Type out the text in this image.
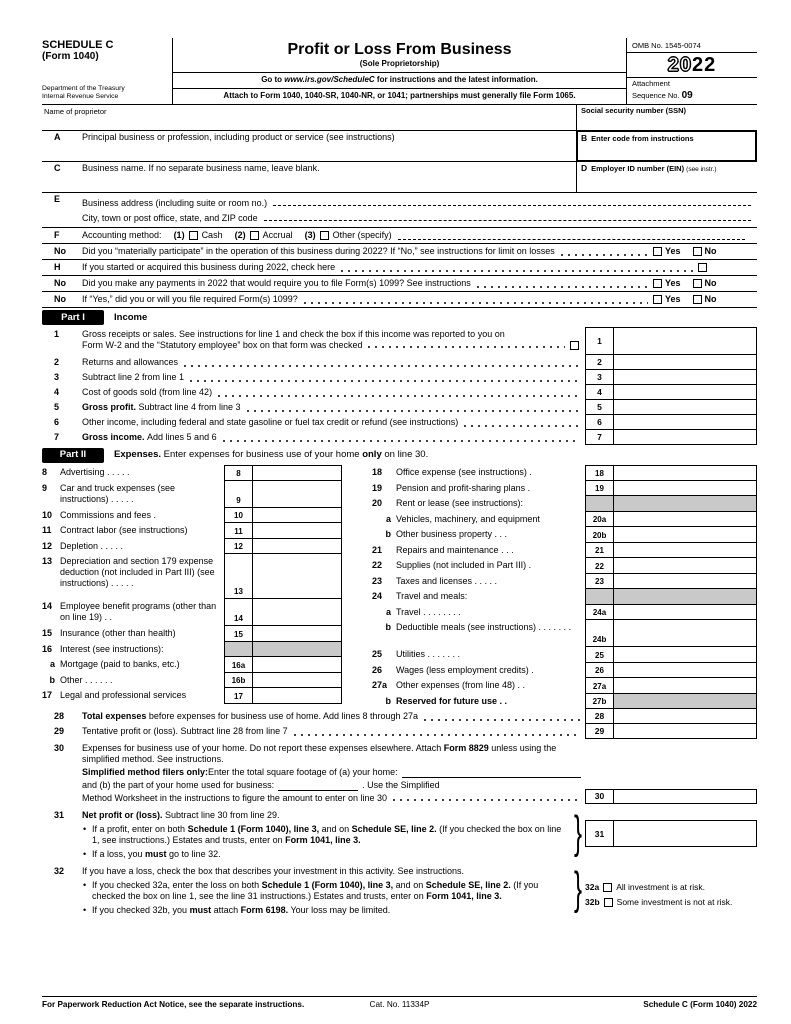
SCHEDULE C
(Form 1040)
Department of the Treasury
Internal Revenue Service
Profit or Loss From Business
(Sole Proprietorship)
Go to www.irs.gov/ScheduleC for instructions and the latest information.
Attach to Form 1040, 1040-SR, 1040-NR, or 1041; partnerships must generally file Form 1065.
OMB No. 1545-0074
2022
Attachment
Sequence No. 09
Name of proprietor	Social security number (SSN)
A	Principal business or profession, including product or service (see instructions)	B Enter code from instructions
C	Business name. If no separate business name, leave blank.	D Employer ID number (EIN) (see instr.)
E	Business address (including suite or room no.)
City, town or post office, state, and ZIP code
F	Accounting method: (1) Cash (2) Accrual (3) Other (specify)
No	Did you “materially participate” in the operation of this business during 2022? If “No,” see instructions for limit on losses	Yes	No
H	If you started or acquired this business during 2022, check here
No	Did you make any payments in 2022 that would require you to file Form(s) 1099? See instructions	Yes	No
No	If “Yes,” did you or will you file required Form(s) 1099?	Yes	No
Part I	Income
1	Gross receipts or sales. See instructions for line 1 and check the box if this income was reported to you on
Form W-2 and the “Statutory employee” box on that form was checked	1
2	Returns and allowances	2
3	Subtract line 2 from line 1	3
4	Cost of goods sold (from line 42)	4
5	Gross profit. Subtract line 4 from line 3	5
6	Other income, including federal and state gasoline or fuel tax credit or refund (see instructions)	6
7	Gross income. Add lines 5 and 6	7
Part II	Expenses. Enter expenses for business use of your home only on line 30.
8	Advertising . . . . .	8
9	Car and truck expenses (see instructions) . . . . .	9
10 Commissions and fees .	10
11 Contract labor (see instructions)	11
12 Depletion . . . . .	12
13 Depreciation and section 179 expense deduction (not included in Part III) (see instructions) . . . . .
13
14 Employee benefit programs (other than on line 19) . .	14
15 Insurance (other than health)	15
16 Interest (see instructions):
a Mortgage (paid to banks, etc.)	16a
b Other . . . . . .	16b
17 Legal and professional services	17
18	Office expense (see instructions) .	18
19	Pension and profit-sharing plans .	19
20	Rent or lease (see instructions):
a Vehicles, machinery, and equipment	20a
b Other business property . . .	20b
21	Repairs and maintenance . . .	21
22	Supplies (not included in Part III) .	22
23	Taxes and licenses . . . . .	23
24	Travel and meals:
a Travel . . . . . . . .	24a
b Deductible meals (see instructions) . . . . . . .
24b
25	Utilities . . . . . . .	25
26	Wages (less employment credits) .	26
27a Other expenses (from line 48) . .	27a
b Reserved for future use . .	27b
28	Total expenses before expenses for business use of home. Add lines 8 through 27a	28
29	Tentative profit or (loss). Subtract line 28 from line 7	29
30	Expenses for business use of your home. Do not report these expenses elsewhere. Attach Form 8829 unless using the simplified method. See instructions.
Simplified method filers only: Enter the total square footage of (a) your home:
and (b) the part of your home used for business:	. Use the Simplified
Method Worksheet in the instructions to figure the amount to enter on line 30	30
31	Net profit or (loss). Subtract line 30 from line 29.
• If a profit, enter on both Schedule 1 (Form 1040), line 3, and on Schedule SE, line 2. (If you checked the box on line 1, see instructions.) Estates and trusts, enter on Form 1041, line 3.
• If a loss, you must go to line 32.	}	31
32	If you have a loss, check the box that describes your investment in this activity. See instructions.
• If you checked 32a, enter the loss on both Schedule 1 (Form 1040), line 3, and on Schedule SE, line 2. (If you checked the box on line 1, see the line 31 instructions.) Estates and trusts, enter on Form 1041, line 3.
• If you checked 32b, you must attach Form 6198. Your loss may be limited.	} 32a All investment is at risk.
32b Some investment is not at risk.
For Paperwork Reduction Act Notice, see the separate instructions.	Cat. No. 11334P	Schedule C (Form 1040) 2022
